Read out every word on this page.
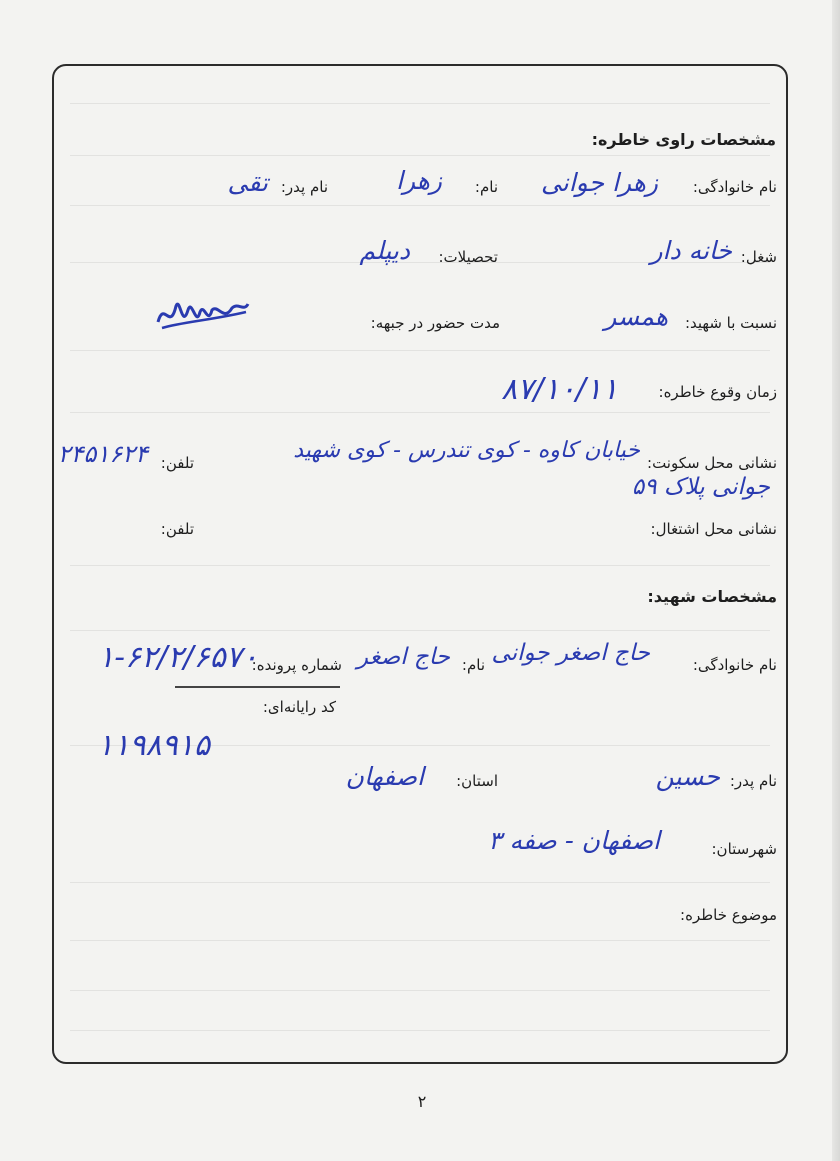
مشخصات راوی خاطره:
نام خانوادگی:
زهرا جوانی
نام:
زهرا
نام پدر:
تقی
شغل:
خانه دار
تحصیلات:
دیپلم
نسبت با شهید:
همسر
مدت حضور در جبهه:
زمان وقوع خاطره:
۸۷/۱۰/۱۱
نشانی محل سکونت:
خیابان کاوه - کوی تندرس - کوی شهید
جوانی پلاک ۵۹
تلفن:
۲۴۵۱۶۲۴
نشانی محل اشتغال:
تلفن:
مشخصات شهید:
نام خانوادگی:
حاج اصغر جوانی
نام:
حاج اصغر
شماره پرونده:
۱-۶۲/۲/۶۵۷۰
کد رایانه‌ای:
۱۱۹۸۹۱۵
نام پدر:
حسین
استان:
اصفهان
شهرستان:
اصفهان - صفه ۳
موضوع خاطره:
۲
